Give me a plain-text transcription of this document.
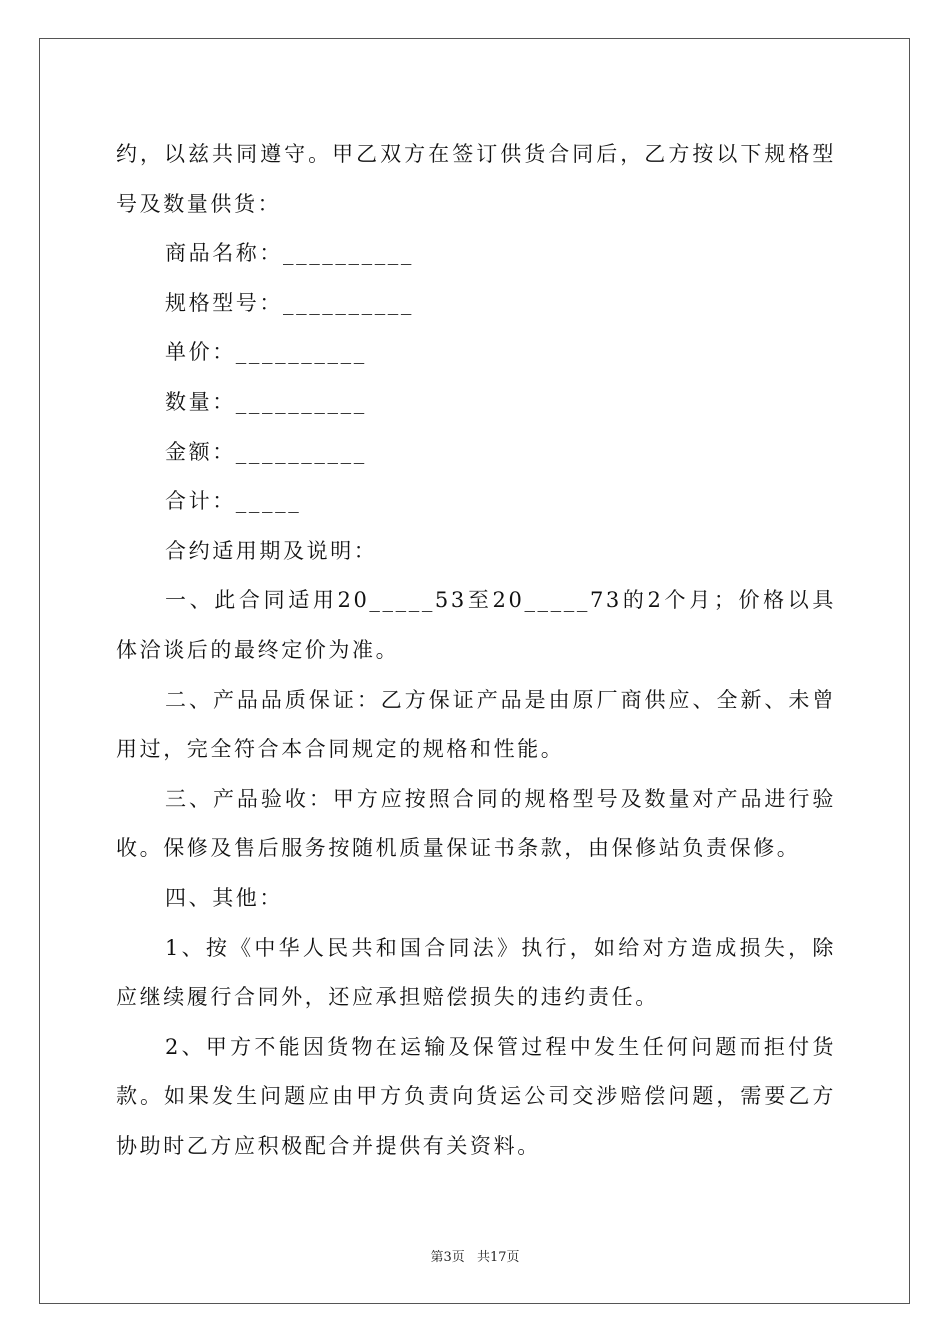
约，以兹共同遵守。甲乙双方在签订供货合同后，乙方按以下规格型号及数量供货：

商品名称：__________

规格型号：__________

单价：__________

数量：__________

金额：__________

合计：_____

合约适用期及说明：

一、此合同适用20_____53至20_____73的2个月；价格以具体洽谈后的最终定价为准。

二、产品品质保证：乙方保证产品是由原厂商供应、全新、未曾用过，完全符合本合同规定的规格和性能。

三、产品验收：甲方应按照合同的规格型号及数量对产品进行验收。保修及售后服务按随机质量保证书条款，由保修站负责保修。

四、其他：

1、按《中华人民共和国合同法》执行，如给对方造成损失，除应继续履行合同外，还应承担赔偿损失的违约责任。

2、甲方不能因货物在运输及保管过程中发生任何问题而拒付货款。如果发生问题应由甲方负责向货运公司交涉赔偿问题，需要乙方协助时乙方应积极配合并提供有关资料。

第3页 共17页
